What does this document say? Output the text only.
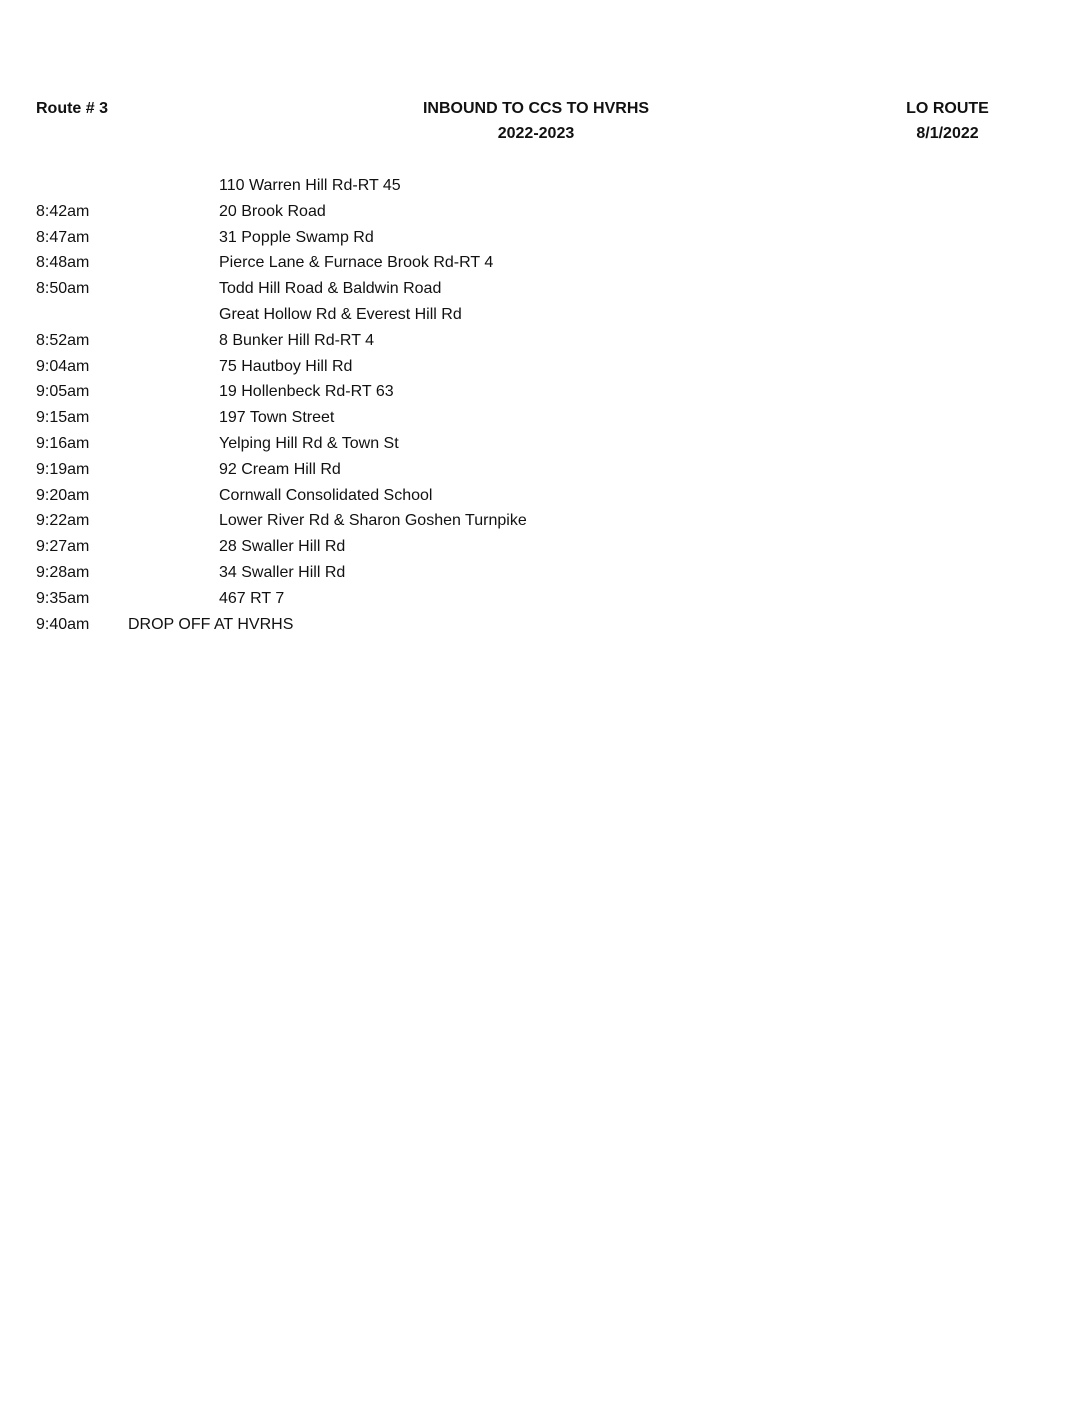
Route # 3	INBOUND TO CCS TO HVRHS
2022-2023
LO ROUTE
8/1/2022
110 Warren Hill Rd-RT 45
8:42am	20 Brook Road
8:47am	31 Popple Swamp Rd
8:48am	Pierce Lane & Furnace Brook Rd-RT 4
8:50am	Todd Hill Road & Baldwin Road
Great Hollow Rd & Everest Hill Rd
8:52am	8 Bunker Hill Rd-RT 4
9:04am	75 Hautboy Hill Rd
9:05am	19 Hollenbeck Rd-RT 63
9:15am	197 Town Street
9:16am	Yelping Hill Rd & Town St
9:19am	92 Cream Hill Rd
9:20am	Cornwall Consolidated School
9:22am	Lower River Rd & Sharon Goshen Turnpike
9:27am	28 Swaller Hill Rd
9:28am	34 Swaller Hill Rd
9:35am	467 RT 7
9:40am DROP OFF AT HVRHS
